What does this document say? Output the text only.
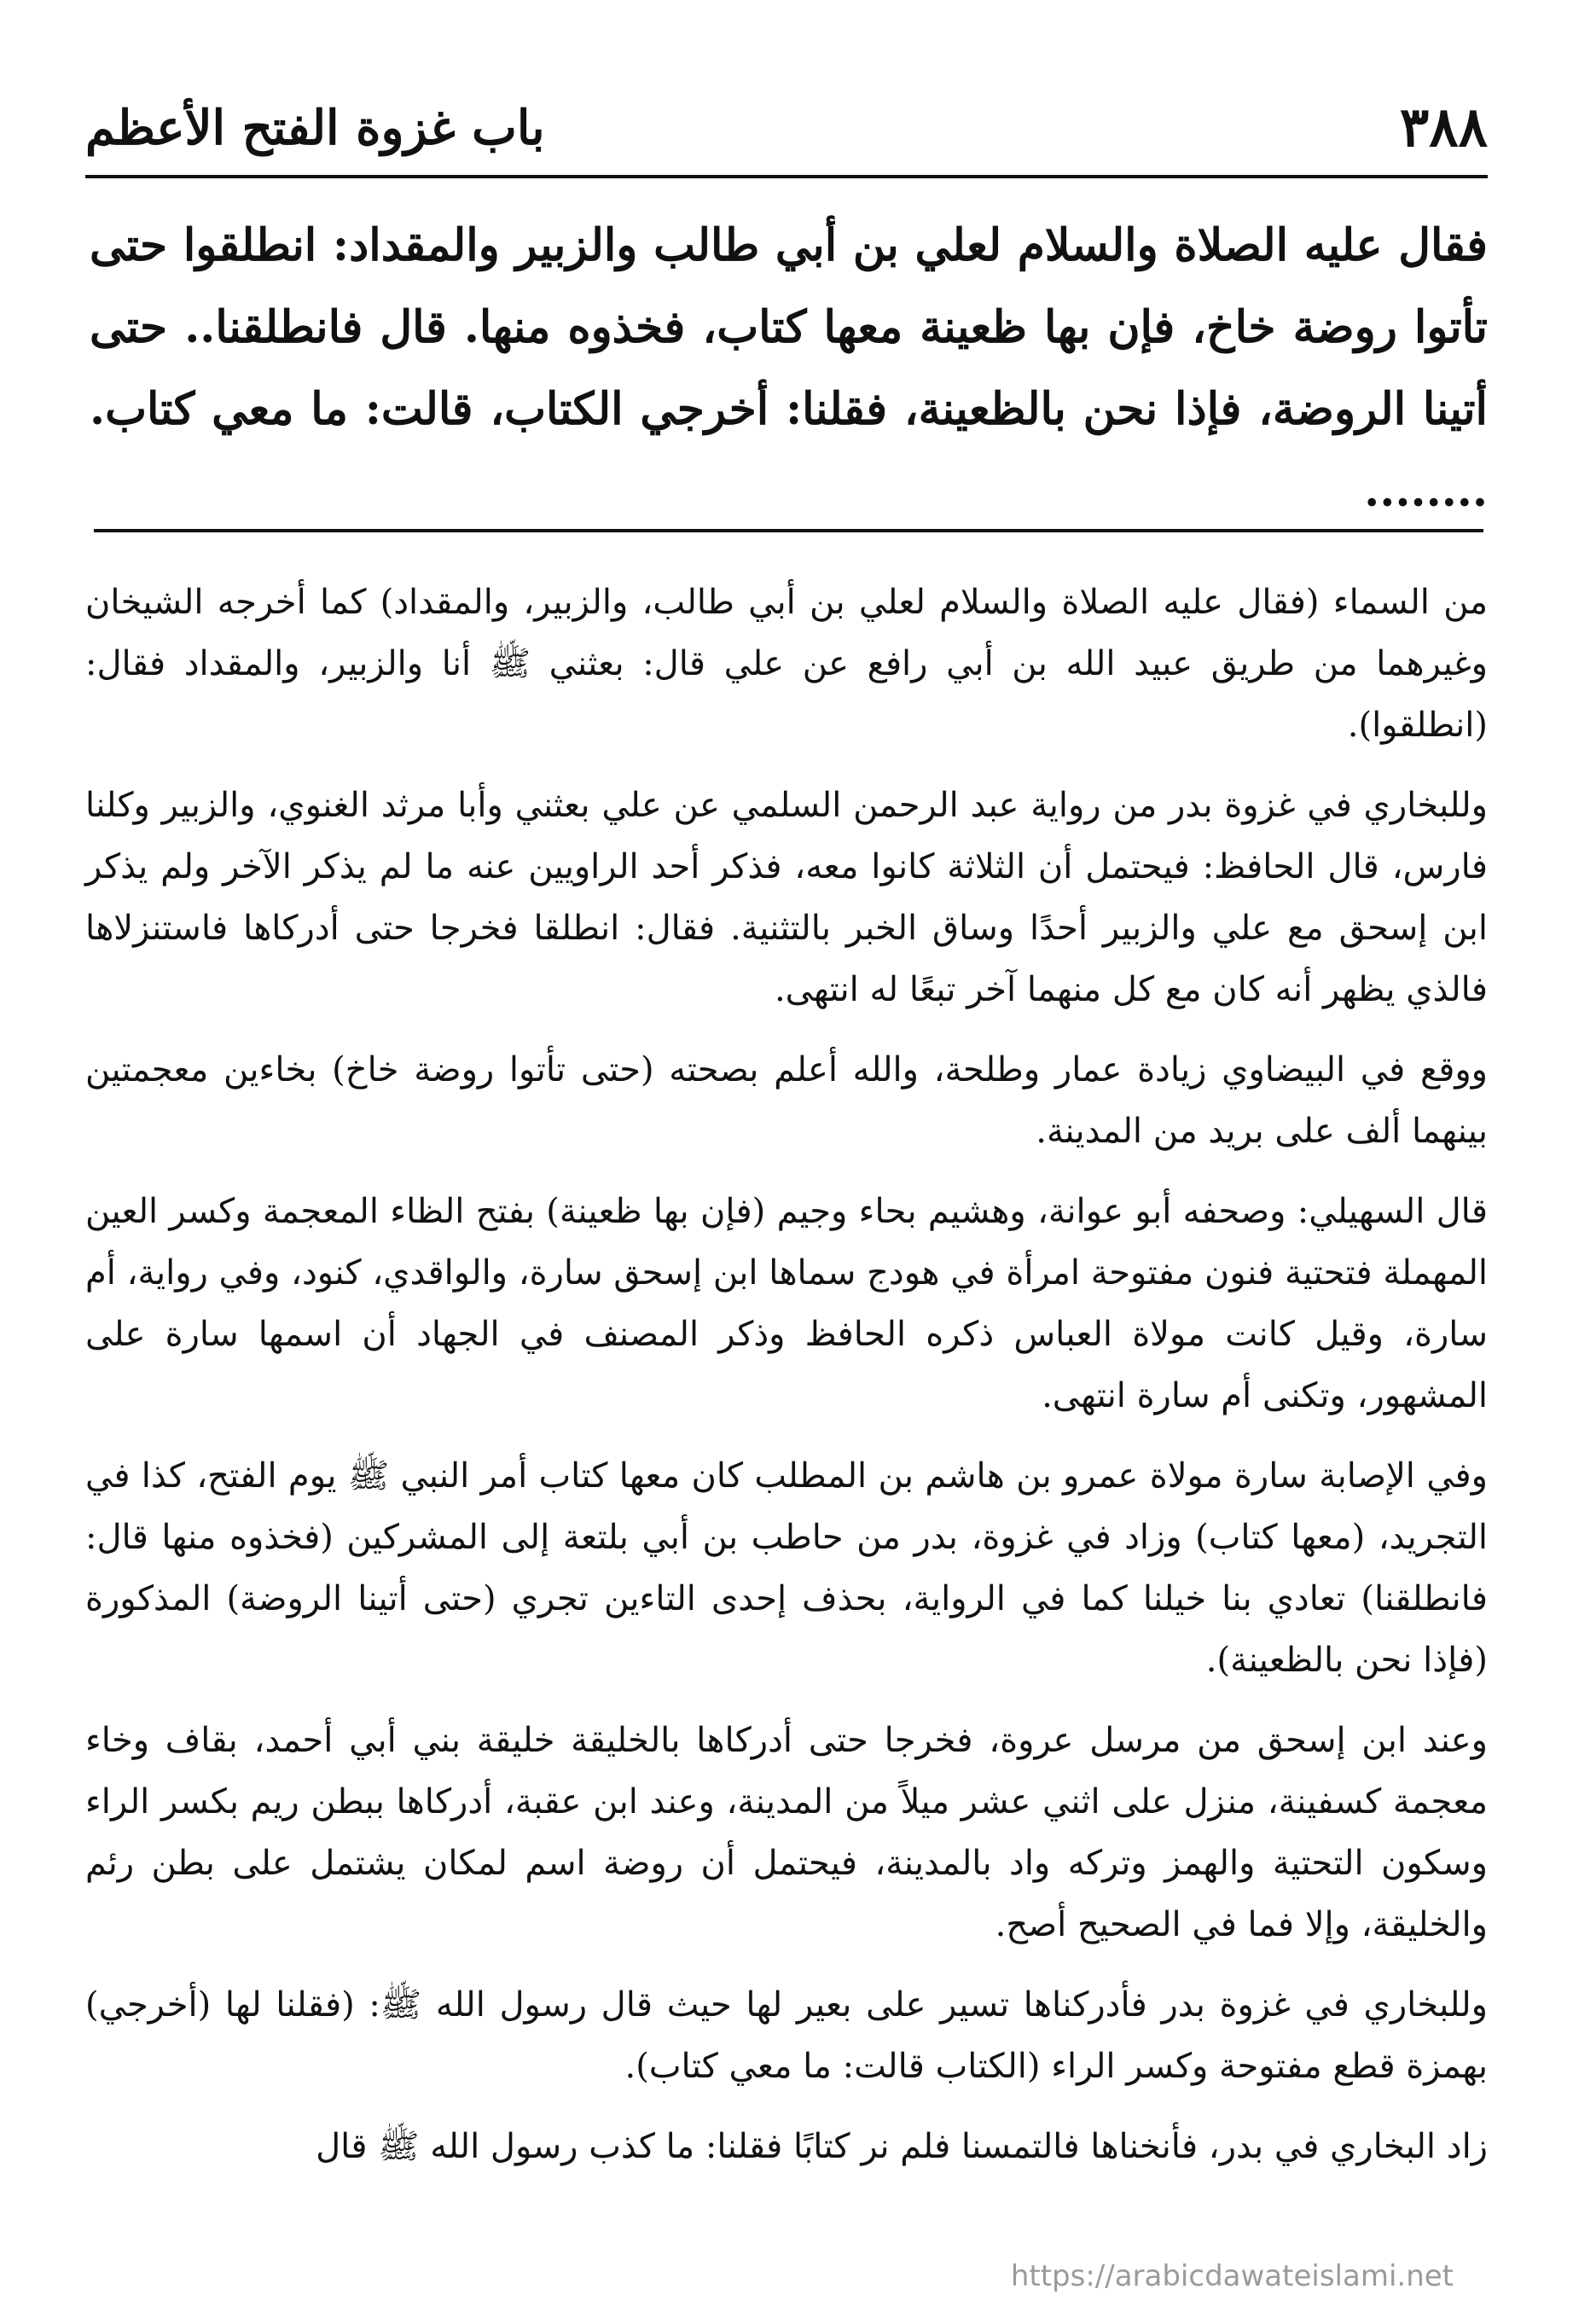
٣٨٨
باب غزوة الفتح الأعظم

فقال عليه الصلاة والسلام لعلي بن أبي طالب والزبير والمقداد: انطلقوا حتى تأتوا روضة خاخ، فإن بها ظعينة معها كتاب، فخذوه منها. قال فانطلقنا.. حتى أتينا الروضة، فإذا نحن بالظعينة، فقلنا: أخرجي الكتاب، قالت: ما معي كتاب. ........

من السماء (فقال عليه الصلاة والسلام لعلي بن أبي طالب، والزبير، والمقداد) كما أخرجه الشيخان وغيرهما من طريق عبيد الله بن أبي رافع عن علي قال: بعثني ﷺ أنا والزبير، والمقداد فقال: (انطلقوا).

وللبخاري في غزوة بدر من رواية عبد الرحمن السلمي عن علي بعثني وأبا مرثد الغنوي، والزبير وكلنا فارس، قال الحافظ: فيحتمل أن الثلاثة كانوا معه، فذكر أحد الراويين عنه ما لم يذكر الآخر ولم يذكر ابن إسحق مع علي والزبير أحدًا وساق الخبر بالتثنية. فقال: انطلقا فخرجا حتى أدركاها فاستنزلاها فالذي يظهر أنه كان مع كل منهما آخر تبعًا له انتهى.

ووقع في البيضاوي زيادة عمار وطلحة، والله أعلم بصحته (حتى تأتوا روضة خاخ) بخاءين معجمتين بينهما ألف على بريد من المدينة.

قال السهيلي: وصحفه أبو عوانة، وهشيم بحاء وجيم (فإن بها ظعينة) بفتح الظاء المعجمة وكسر العين المهملة فتحتية فنون مفتوحة امرأة في هودج سماها ابن إسحق سارة، والواقدي، كنود، وفي رواية، أم سارة، وقيل كانت مولاة العباس ذكره الحافظ وذكر المصنف في الجهاد أن اسمها سارة على المشهور، وتكنى أم سارة انتهى.

وفي الإصابة سارة مولاة عمرو بن هاشم بن المطلب كان معها كتاب أمر النبي ﷺ يوم الفتح، كذا في التجريد، (معها كتاب) وزاد في غزوة، بدر من حاطب بن أبي بلتعة إلى المشركين (فخذوه منها قال: فانطلقنا) تعادي بنا خيلنا كما في الرواية، بحذف إحدى التاءين تجري (حتى أتينا الروضة) المذكورة (فإذا نحن بالظعينة).

وعند ابن إسحق من مرسل عروة، فخرجا حتى أدركاها بالخليقة خليقة بني أبي أحمد، بقاف وخاء معجمة كسفينة، منزل على اثني عشر ميلاً من المدينة، وعند ابن عقبة، أدركاها ببطن ريم بكسر الراء وسكون التحتية والهمز وتركه واد بالمدينة، فيحتمل أن روضة اسم لمكان يشتمل على بطن رئم والخليقة، وإلا فما في الصحيح أصح.

وللبخاري في غزوة بدر فأدركناها تسير على بعير لها حيث قال رسول الله ﷺ: (فقلنا لها (أخرجي) بهمزة قطع مفتوحة وكسر الراء (الكتاب قالت: ما معي كتاب).

زاد البخاري في بدر، فأنخناها فالتمسنا فلم نر كتابًا فقلنا: ما كذب رسول الله ﷺ قال

https://arabicdawateislami.net
